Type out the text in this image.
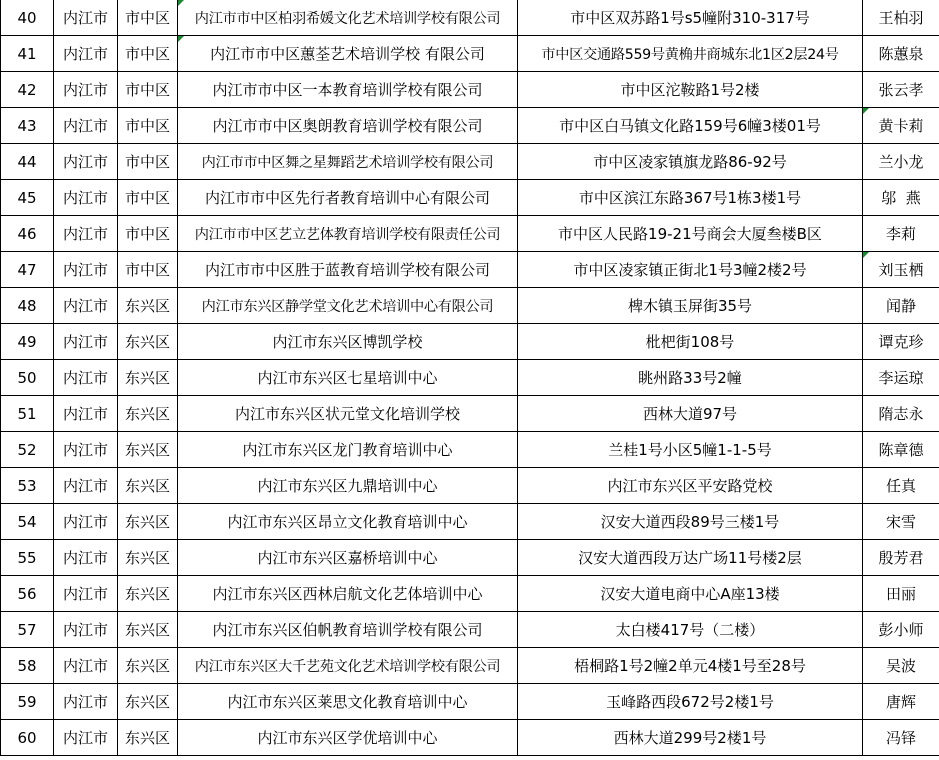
40	内江市	市中区	内江市市中区柏羽希媛文化艺术培训学校有限公司	市中区双苏路1号s5幢附310-317号	王柏羽
41	内江市	市中区	内江市市中区蕙荃艺术培训学校 有限公司	市中区交通路559号黄桷井商城东北1区2层24号	陈蕙泉
42	内江市	市中区	内江市市中区一本教育培训学校有限公司	市中区沱鞍路1号2楼	张云孝
43	内江市	市中区	内江市市中区奥朗教育培训学校有限公司	市中区白马镇文化路159号6幢3楼01号	黄卡莉
44	内江市	市中区	内江市市中区舞之星舞蹈艺术培训学校有限公司	市中区凌家镇旗龙路86-92号	兰小龙
45	内江市	市中区	内江市市中区先行者教育培训中心有限公司	市中区滨江东路367号1栋3楼1号	邬  燕
46	内江市	市中区	内江市市中区艺立艺体教育培训学校有限责任公司	市中区人民路19-21号商会大厦叁楼B区	李莉
47	内江市	市中区	内江市市中区胜于蓝教育培训学校有限公司	市中区凌家镇正街北1号3幢2楼2号	刘玉栖
48	内江市	东兴区	内江市东兴区静学堂文化艺术培训中心有限公司	椑木镇玉屏街35号	闻静
49	内江市	东兴区	内江市东兴区博凯学校	枇杷街108号	谭克珍
50	内江市	东兴区	内江市东兴区七星培训中心	眺州路33号2幢	李运琼
51	内江市	东兴区	内江市东兴区状元堂文化培训学校	西林大道97号	隋志永
52	内江市	东兴区	内江市东兴区龙门教育培训中心	兰桂1号小区5幢1-1-5号	陈章德
53	内江市	东兴区	内江市东兴区九鼎培训中心	内江市东兴区平安路党校	任真
54	内江市	东兴区	内江市东兴区昂立文化教育培训中心	汉安大道西段89号三楼1号	宋雪
55	内江市	东兴区	内江市东兴区嘉桥培训中心	汉安大道西段万达广场11号楼2层	殷芳君
56	内江市	东兴区	内江市东兴区西林启航文化艺体培训中心	汉安大道电商中心A座13楼	田丽
57	内江市	东兴区	内江市东兴区伯帆教育培训学校有限公司	太白楼417号（二楼）	彭小师
58	内江市	东兴区	内江市东兴区大千艺苑文化艺术培训学校有限公司	梧桐路1号2幢2单元4楼1号至28号	吴波
59	内江市	东兴区	内江市东兴区莱思文化教育培训中心	玉峰路西段672号2楼1号	唐辉
60	内江市	东兴区	内江市东兴区学优培训中心	西林大道299号2楼1号	冯铎
